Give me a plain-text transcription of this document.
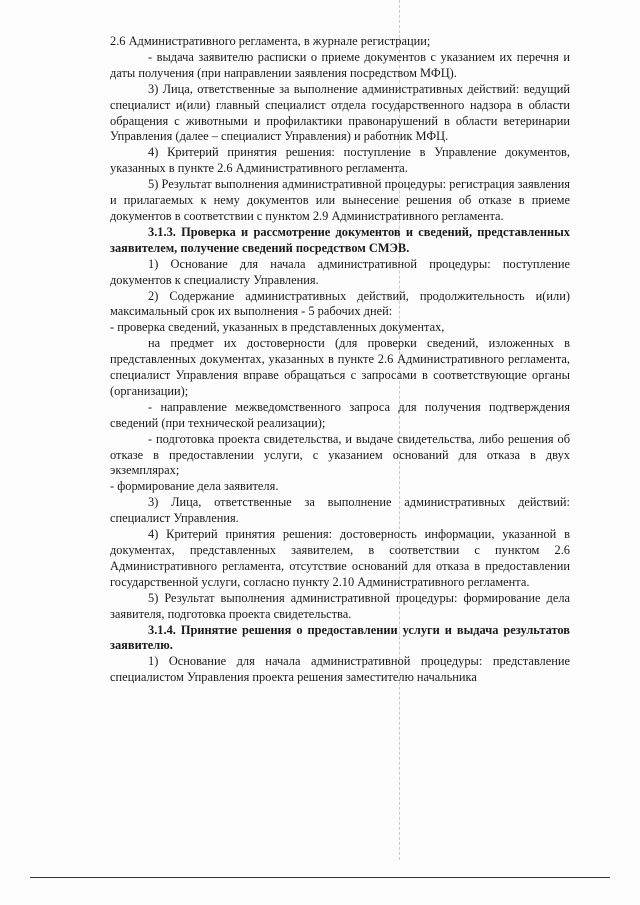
2.6 Административного регламента, в журнале регистрации;

- выдача заявителю расписки о приеме документов с указанием их перечня и даты получения (при направлении заявления посредством МФЦ).

3) Лица, ответственные за выполнение административных действий: ведущий специалист и(или) главный специалист отдела государственного надзора в области обращения с животными и профилактики правонарушений в области ветеринарии Управления (далее – специалист Управления) и работник МФЦ.

4) Критерий принятия решения: поступление в Управление документов, указанных в пункте 2.6 Административного регламента.

5) Результат выполнения административной процедуры: регистрация заявления и прилагаемых к нему документов или вынесение решения об отказе в приеме документов в соответствии с пунктом 2.9 Административного регламента.

3.1.3. Проверка и рассмотрение документов и сведений, представленных заявителем, получение сведений посредством СМЭВ.

1) Основание для начала административной процедуры: поступление документов к специалисту Управления.

2) Содержание административных действий, продолжительность и(или) максимальный срок их выполнения - 5 рабочих дней:

- проверка сведений, указанных в представленных документах,

на предмет их достоверности (для проверки сведений, изложенных в представленных документах, указанных в пункте 2.6 Административного регламента, специалист Управления вправе обращаться с запросами в соответствующие органы (организации);

- направление межведомственного запроса для получения подтверждения сведений (при технической реализации);

- подготовка проекта свидетельства, и выдаче свидетельства, либо решения об отказе в предоставлении услуги, с указанием оснований для отказа в двух экземплярах;

- формирование дела заявителя.

3) Лица, ответственные за выполнение административных действий: специалист Управления.

4) Критерий принятия решения: достоверность информации, указанной в документах, представленных заявителем, в соответствии с пунктом 2.6 Административного регламента, отсутствие оснований для отказа в предоставлении государственной услуги, согласно пункту 2.10 Административного регламента.

5) Результат выполнения административной процедуры: формирование дела заявителя, подготовка проекта свидетельства.

3.1.4. Принятие решения о предоставлении услуги и выдача результатов заявителю.

1) Основание для начала административной процедуры: представление специалистом Управления проекта решения заместителю начальника
